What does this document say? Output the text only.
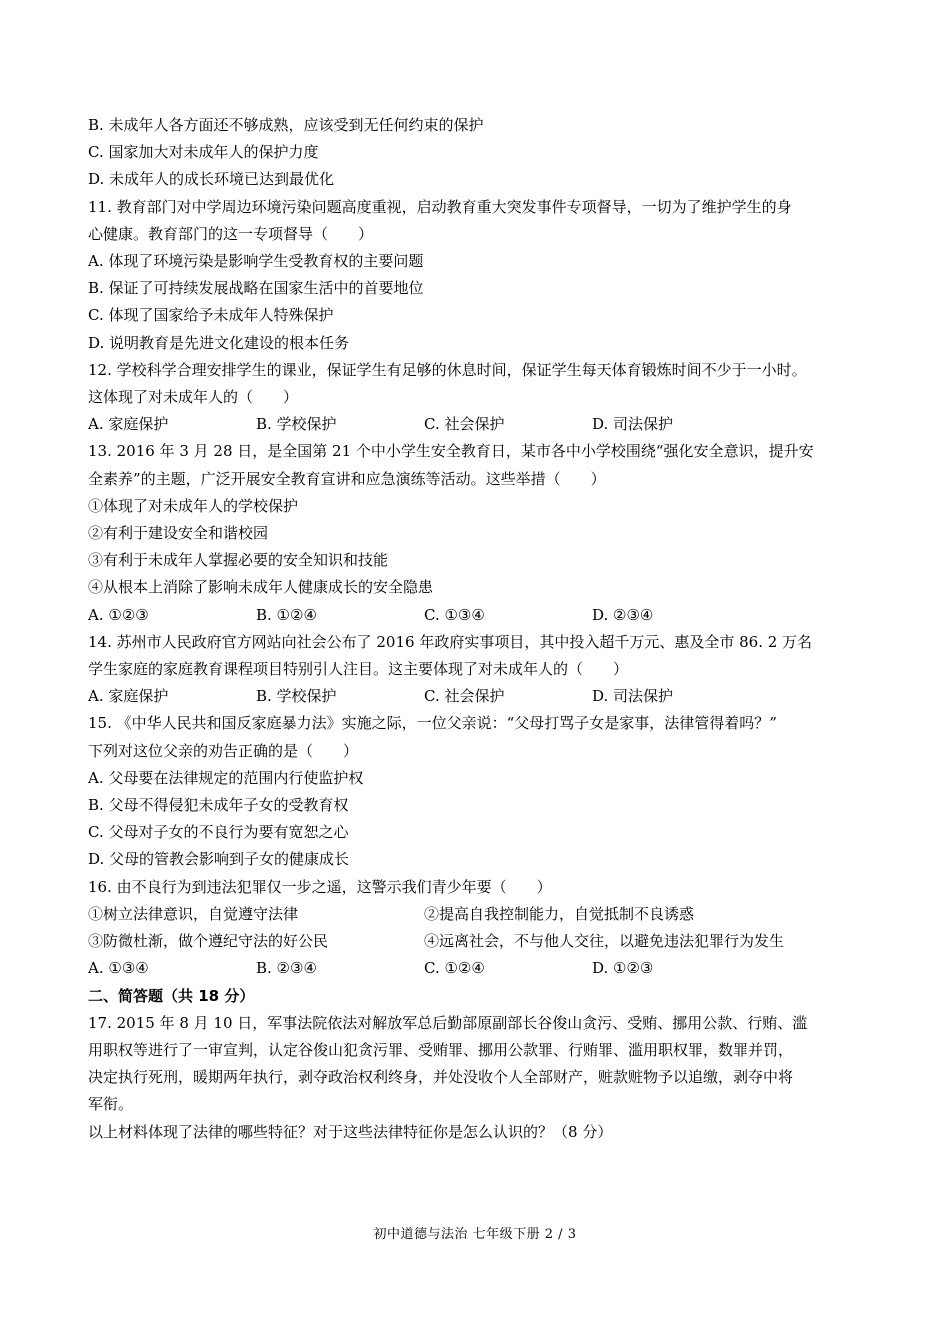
B. 未成年人各方面还不够成熟，应该受到无任何约束的保护
C. 国家加大对未成年人的保护力度
D. 未成年人的成长环境已达到最优化
11. 教育部门对中学周边环境污染问题高度重视，启动教育重大突发事件专项督导，一切为了维护学生的身
心健康。教育部门的这一专项督导（　　）
A. 体现了环境污染是影响学生受教育权的主要问题
B. 保证了可持续发展战略在国家生活中的首要地位
C. 体现了国家给予未成年人特殊保护
D. 说明教育是先进文化建设的根本任务
12. 学校科学合理安排学生的课业，保证学生有足够的休息时间，保证学生每天体育锻炼时间不少于一小时。
这体现了对未成年人的（　　）
A. 家庭保护	B. 学校保护	C. 社会保护	D. 司法保护
13. 2016 年 3 月 28 日，是全国第 21 个中小学生安全教育日，某市各中小学校围绕“强化安全意识，提升安
全素养”的主题，广泛开展安全教育宣讲和应急演练等活动。这些举措（　　）
①体现了对未成年人的学校保护
②有利于建设安全和谐校园
③有利于未成年人掌握必要的安全知识和技能
④从根本上消除了影响未成年人健康成长的安全隐患
A. ①②③	B. ①②④	C. ①③④	D. ②③④
14. 苏州市人民政府官方网站向社会公布了 2016 年政府实事项目，其中投入超千万元、惠及全市 86. 2 万名
学生家庭的家庭教育课程项目特别引人注目。这主要体现了对未成年人的（　　）
A. 家庭保护	B. 学校保护	C. 社会保护	D. 司法保护
15. 《中华人民共和国反家庭暴力法》实施之际，一位父亲说：“父母打骂子女是家事，法律管得着吗？”
下列对这位父亲的劝告正确的是（　　）
A. 父母要在法律规定的范围内行使监护权
B. 父母不得侵犯未成年子女的受教育权
C. 父母对子女的不良行为要有宽恕之心
D. 父母的管教会影响到子女的健康成长
16. 由不良行为到违法犯罪仅一步之遥，这警示我们青少年要（　　）
①树立法律意识，自觉遵守法律	②提高自我控制能力，自觉抵制不良诱惑
③防微杜渐，做个遵纪守法的好公民	④远离社会，不与他人交往，以避免违法犯罪行为发生
A. ①③④	B. ②③④	C. ①②④	D. ①②③
二、简答题（共 18 分）
17. 2015 年 8 月 10 日，军事法院依法对解放军总后勤部原副部长谷俊山贪污、受贿、挪用公款、行贿、滥
用职权等进行了一审宣判，认定谷俊山犯贪污罪、受贿罪、挪用公款罪、行贿罪、滥用职权罪，数罪并罚，
决定执行死刑，暖期两年执行，剥夺政治权利终身，并处没收个人全部财产，赃款赃物予以追缴，剥夺中将
军衔。
以上材料体现了法律的哪些特征？对于这些法律特征你是怎么认识的？（8 分）
初中道德与法治 七年级下册 2 / 3
